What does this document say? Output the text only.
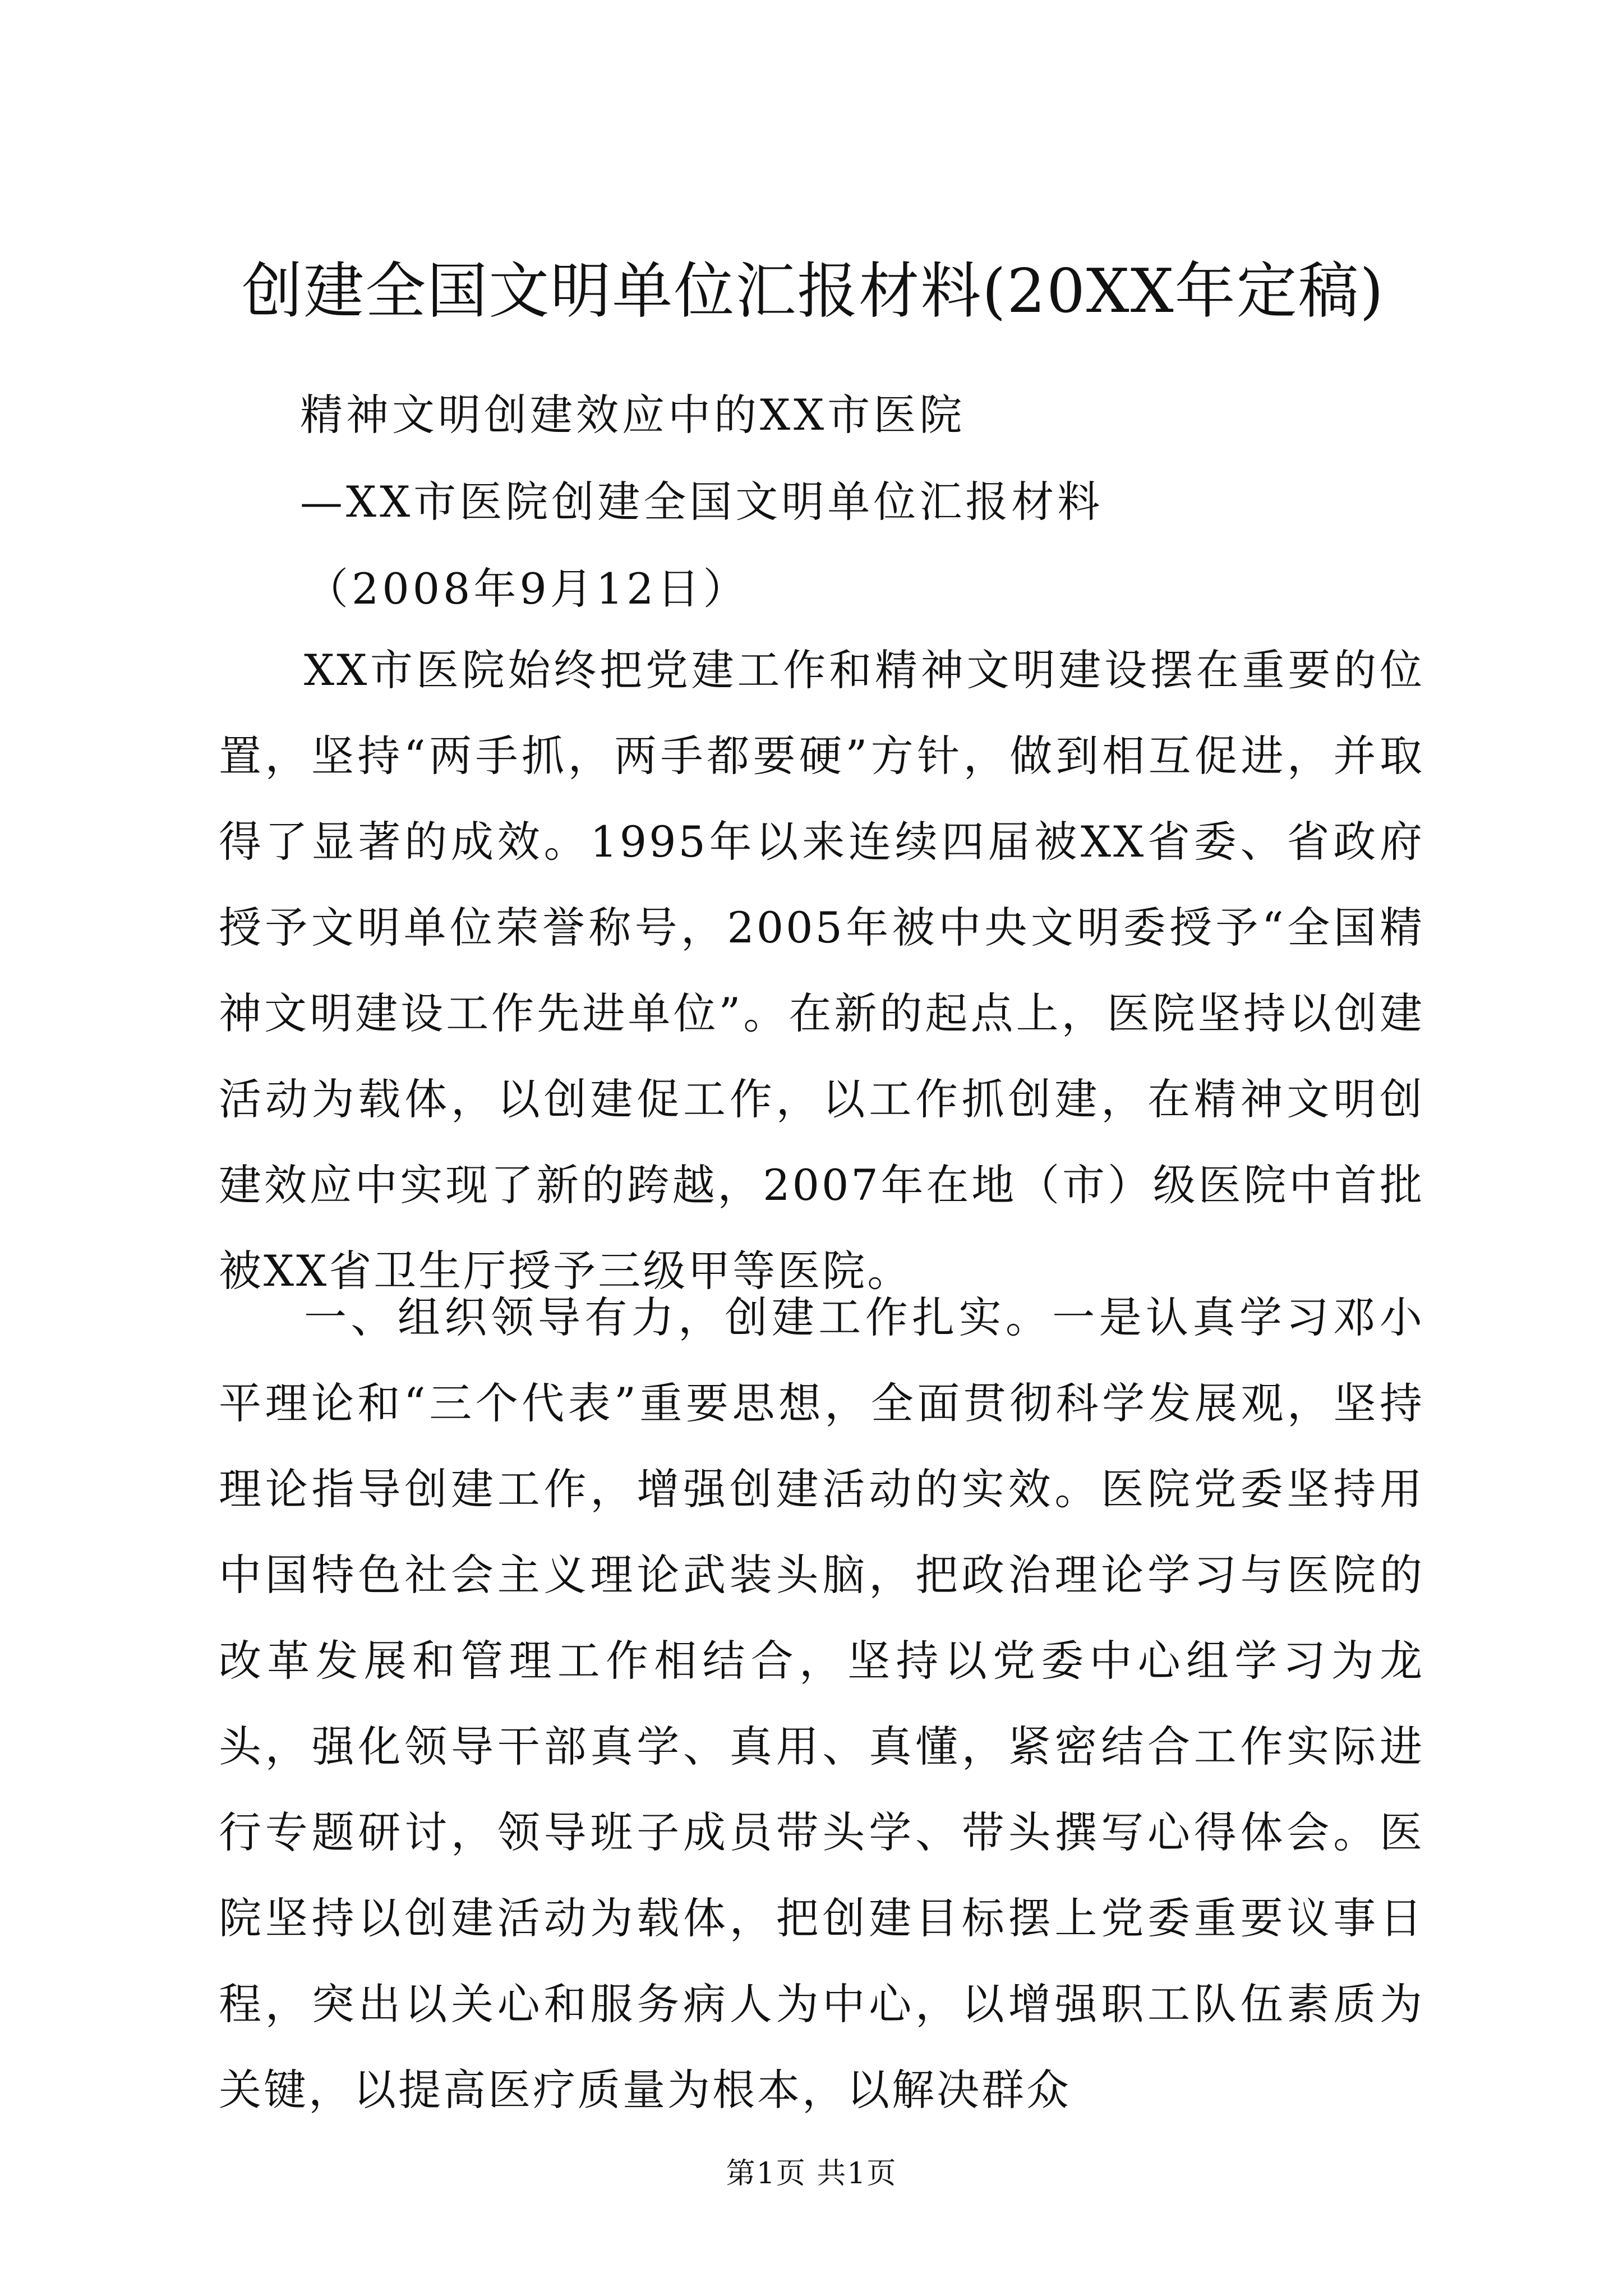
创建全国文明单位汇报材料(20XX年定稿)
精神文明创建效应中的XX市医院
—XX市医院创建全国文明单位汇报材料
（2008年9月12日）

XX市医院始终把党建工作和精神文明建设摆在重要的位置，坚持“两手抓，两手都要硬”方针，做到相互促进，并取得了显著的成效。1995年以来连续四届被XX省委、省政府授予文明单位荣誉称号，2005年被中央文明委授予“全国精神文明建设工作先进单位”。在新的起点上，医院坚持以创建活动为载体，以创建促工作，以工作抓创建，在精神文明创建效应中实现了新的跨越，2007年在地（市）级医院中首批被XX省卫生厅授予三级甲等医院。

一、组织领导有力，创建工作扎实。一是认真学习邓小平理论和“三个代表”重要思想，全面贯彻科学发展观，坚持理论指导创建工作，增强创建活动的实效。医院党委坚持用中国特色社会主义理论武装头脑，把政治理论学习与医院的改革发展和管理工作相结合，坚持以党委中心组学习为龙头，强化领导干部真学、真用、真懂，紧密结合工作实际进行专题研讨，领导班子成员带头学、带头撰写心得体会。医院坚持以创建活动为载体，把创建目标摆上党委重要议事日程，突出以关心和服务病人为中心，以增强职工队伍素质为关键，以提高医疗质量为根本，以解决群众

第1页 共1页
